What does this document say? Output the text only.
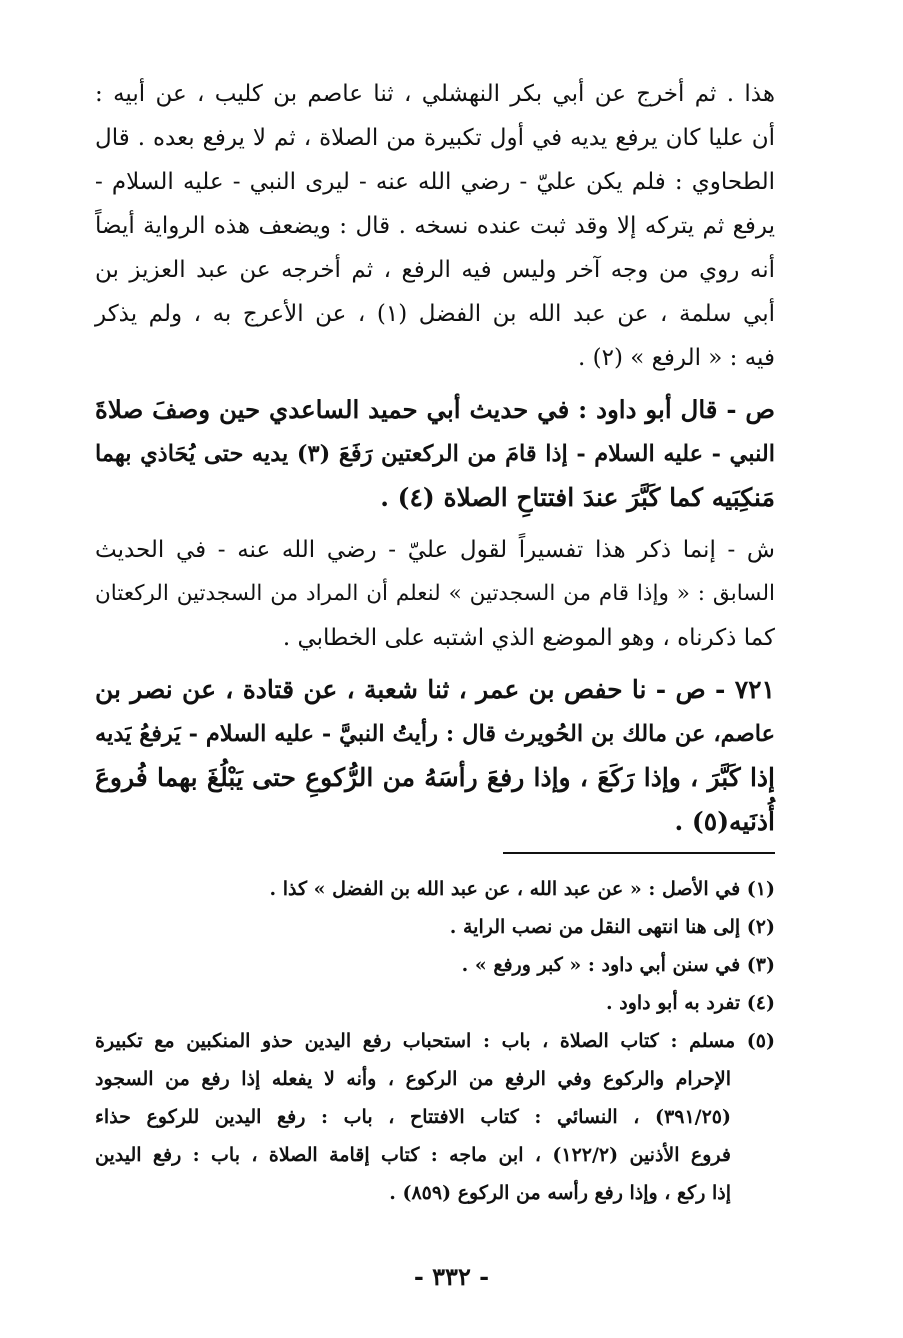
هذا . ثم أخرج عن أبي بكر النهشلي ، ثنا عاصم بن كليب ، عن أبيه :
أن عليا كان يرفع يديه في أول تكبيرة من الصلاة ، ثم لا يرفع بعده . قال
الطحاوي : فلم يكن عليّ - رضي الله عنه - ليرى النبي - عليه السلام -
يرفع ثم يتركه إلا وقد ثبت عنده نسخه . قال : ويضعف هذه الرواية أيضاً
أنه روي من وجه آخر وليس فيه الرفع ، ثم أخرجه عن عبد العزيز بن
أبي سلمة ، عن عبد الله بن الفضل (١) ، عن الأعرج به ، ولم يذكر
فيه : « الرفع » (٢) .
ص - قال أبو داود : في حديث أبي حميد الساعدي حين وصفَ صلاةَ
النبي - عليه السلام - إذا قامَ من الركعتين رَفَعَ (٣) يديه حتى يُحَاذي بهما
مَنكِبَيه كما كَبَّرَ عندَ افتتاحِ الصلاة (٤) .
ش - إنما ذكر هذا تفسيراً لقول عليّ - رضي الله عنه - في الحديث
السابق : « وإذا قام من السجدتين » لنعلم أن المراد من السجدتين الركعتان
كما ذكرناه ، وهو الموضع الذي اشتبه على الخطابي .
٧٢١ - ص - نا حفص بن عمر ، ثنا شعبة ، عن قتادة ، عن نصر بن
عاصم، عن مالك بن الحُويرث قال : رأيتُ النبيَّ - عليه السلام - يَرفعُ يَديه
إذا كَبَّرَ ، وإذا رَكَعَ ، وإذا رفعَ رأسَهُ من الرُّكوعِ حتى يَبْلُغَ بهما فُروعَ
أُذنَيه(٥) .
(١) في الأصل : « عن عبد الله ، عن عبد الله بن الفضل » كذا .
(٢) إلى هنا انتهى النقل من نصب الراية .
(٣) في سنن أبي داود : « كبر ورفع » .
(٤) تفرد به أبو داود .
(٥) مسلم : كتاب الصلاة ، باب : استحباب رفع اليدين حذو المنكبين مع تكبيرة
الإحرام والركوع وفي الرفع من الركوع ، وأنه لا يفعله إذا رفع من السجود
(٣٩١/٢٥) ، النسائي : كتاب الافتتاح ، باب : رفع اليدين للركوع حذاء
فروع الأذنين (١٢٢/٢) ، ابن ماجه : كتاب إقامة الصلاة ، باب : رفع اليدين
إذا ركع ، وإذا رفع رأسه من الركوع (٨٥٩) .
- ٣٣٢ -
